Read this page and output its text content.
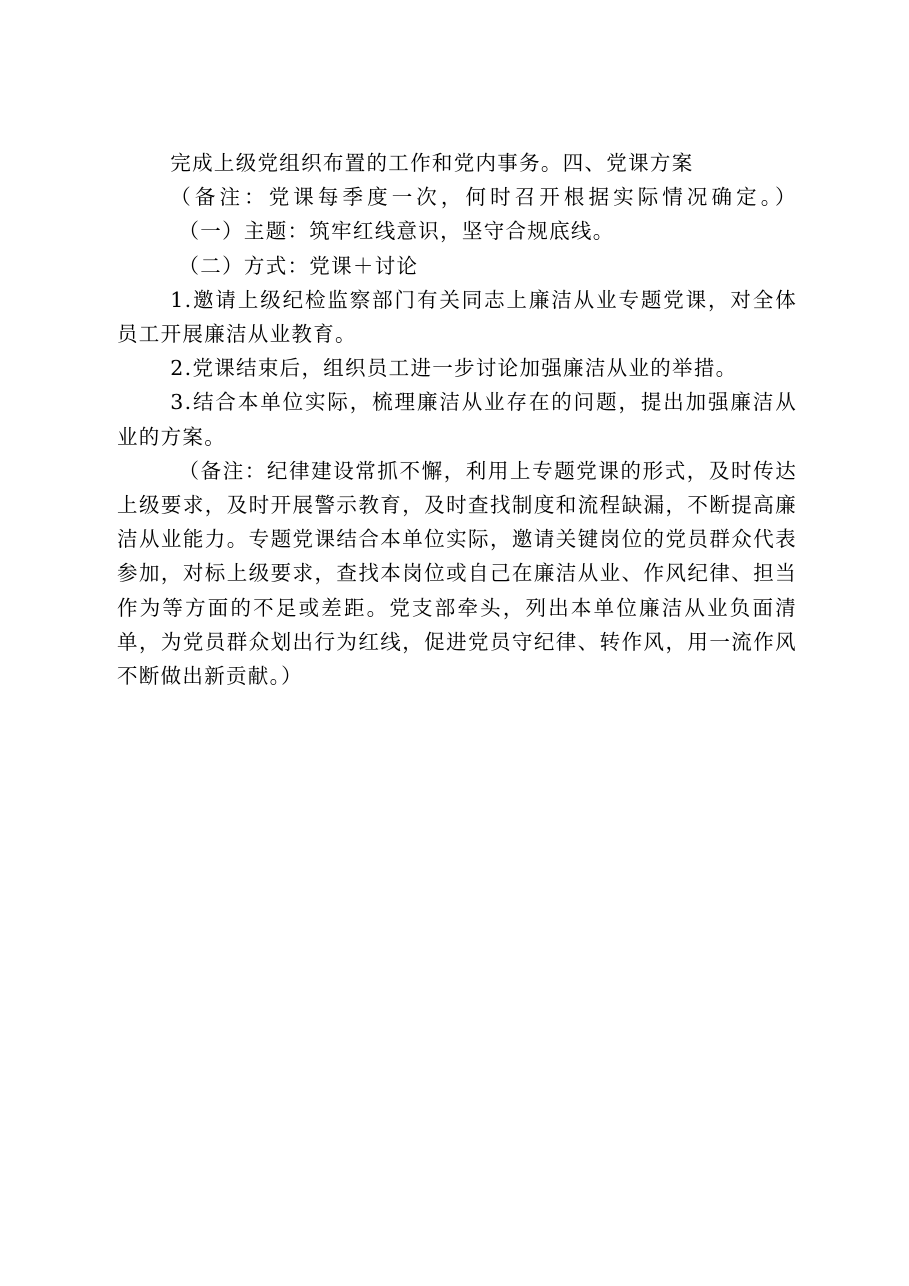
完成上级党组织布置的工作和党内事务。四、党课方案

（备注：党课每季度一次，何时召开根据实际情况确定。）

（一）主题：筑牢红线意识，坚守合规底线。

（二）方式：党课＋讨论

1.邀请上级纪检监察部门有关同志上廉洁从业专题党课，对全体员工开展廉洁从业教育。

2.党课结束后，组织员工进一步讨论加强廉洁从业的举措。

3.结合本单位实际，梳理廉洁从业存在的问题，提出加强廉洁从业的方案。

（备注：纪律建设常抓不懈，利用上专题党课的形式，及时传达上级要求，及时开展警示教育，及时查找制度和流程缺漏，不断提高廉洁从业能力。专题党课结合本单位实际，邀请关键岗位的党员群众代表参加，对标上级要求，查找本岗位或自己在廉洁从业、作风纪律、担当作为等方面的不足或差距。党支部牵头，列出本单位廉洁从业负面清单，为党员群众划出行为红线，促进党员守纪律、转作风，用一流作风不断做出新贡献。）
